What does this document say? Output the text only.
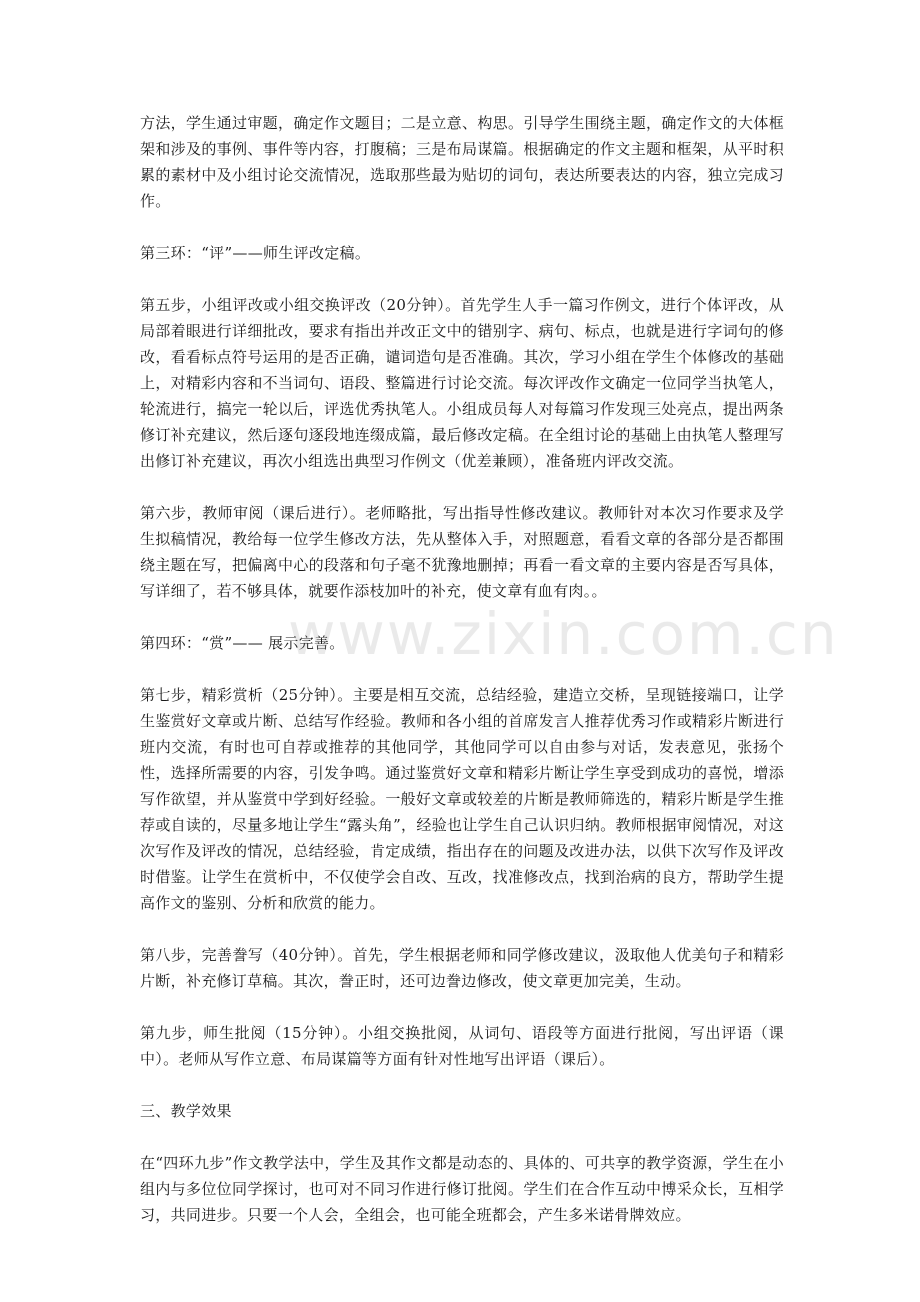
方法，学生通过审题，确定作文题目；二是立意、构思。引导学生围绕主题，确定作文的大体框架和涉及的事例、事件等内容，打腹稿；三是布局谋篇。根据确定的作文主题和框架，从平时积累的素材中及小组讨论交流情况，选取那些最为贴切的词句，表达所要表达的内容，独立完成习作。

第三环：“评”——师生评改定稿。

第五步，小组评改或小组交换评改（20分钟）。首先学生人手一篇习作例文，进行个体评改，从局部着眼进行详细批改，要求有指出并改正文中的错别字、病句、标点，也就是进行字词句的修改，看看标点符号运用的是否正确，谴词造句是否准确。其次，学习小组在学生个体修改的基础上，对精彩内容和不当词句、语段、整篇进行讨论交流。每次评改作文确定一位同学当执笔人，轮流进行，搞完一轮以后，评选优秀执笔人。小组成员每人对每篇习作发现三处亮点，提出两条修订补充建议，然后逐句逐段地连缀成篇，最后修改定稿。在全组讨论的基础上由执笔人整理写出修订补充建议，再次小组选出典型习作例文（优差兼顾），准备班内评改交流。

第六步，教师审阅（课后进行）。老师略批，写出指导性修改建议。教师针对本次习作要求及学生拟稿情况，教给每一位学生修改方法，先从整体入手，对照题意，看看文章的各部分是否都围绕主题在写，把偏离中心的段落和句子毫不犹豫地删掉；再看一看文章的主要内容是否写具体，写详细了，若不够具体，就要作添枝加叶的补充，使文章有血有肉。。

第四环：“赏”—— 展示完善。

第七步，精彩赏析（25分钟）。主要是相互交流，总结经验，建造立交桥，呈现链接端口，让学生鉴赏好文章或片断、总结写作经验。教师和各小组的首席发言人推荐优秀习作或精彩片断进行班内交流，有时也可自荐或推荐的其他同学，其他同学可以自由参与对话，发表意见，张扬个性，选择所需要的内容，引发争鸣。通过鉴赏好文章和精彩片断让学生享受到成功的喜悦，增添写作欲望，并从鉴赏中学到好经验。一般好文章或较差的片断是教师筛选的，精彩片断是学生推荐或自读的，尽量多地让学生“露头角”，经验也让学生自己认识归纳。教师根据审阅情况，对这次写作及评改的情况，总结经验，肯定成绩，指出存在的问题及改进办法，以供下次写作及评改时借鉴。让学生在赏析中，不仅使学会自改、互改，找准修改点，找到治病的良方，帮助学生提高作文的鉴别、分析和欣赏的能力。

第八步，完善誊写（40分钟）。首先，学生根据老师和同学修改建议，汲取他人优美句子和精彩片断，补充修订草稿。其次，誊正时，还可边誊边修改，使文章更加完美，生动。

第九步，师生批阅（15分钟）。小组交换批阅，从词句、语段等方面进行批阅，写出评语（课中）。老师从写作立意、布局谋篇等方面有针对性地写出评语（课后）。

三、教学效果

在“四环九步”作文教学法中，学生及其作文都是动态的、具体的、可共享的教学资源，学生在小组内与多位位同学探讨，也可对不同习作进行修订批阅。学生们在合作互动中博采众长，互相学习，共同进步。只要一个人会，全组会，也可能全班都会，产生多米诺骨牌效应。

www.zixin.com.cn
